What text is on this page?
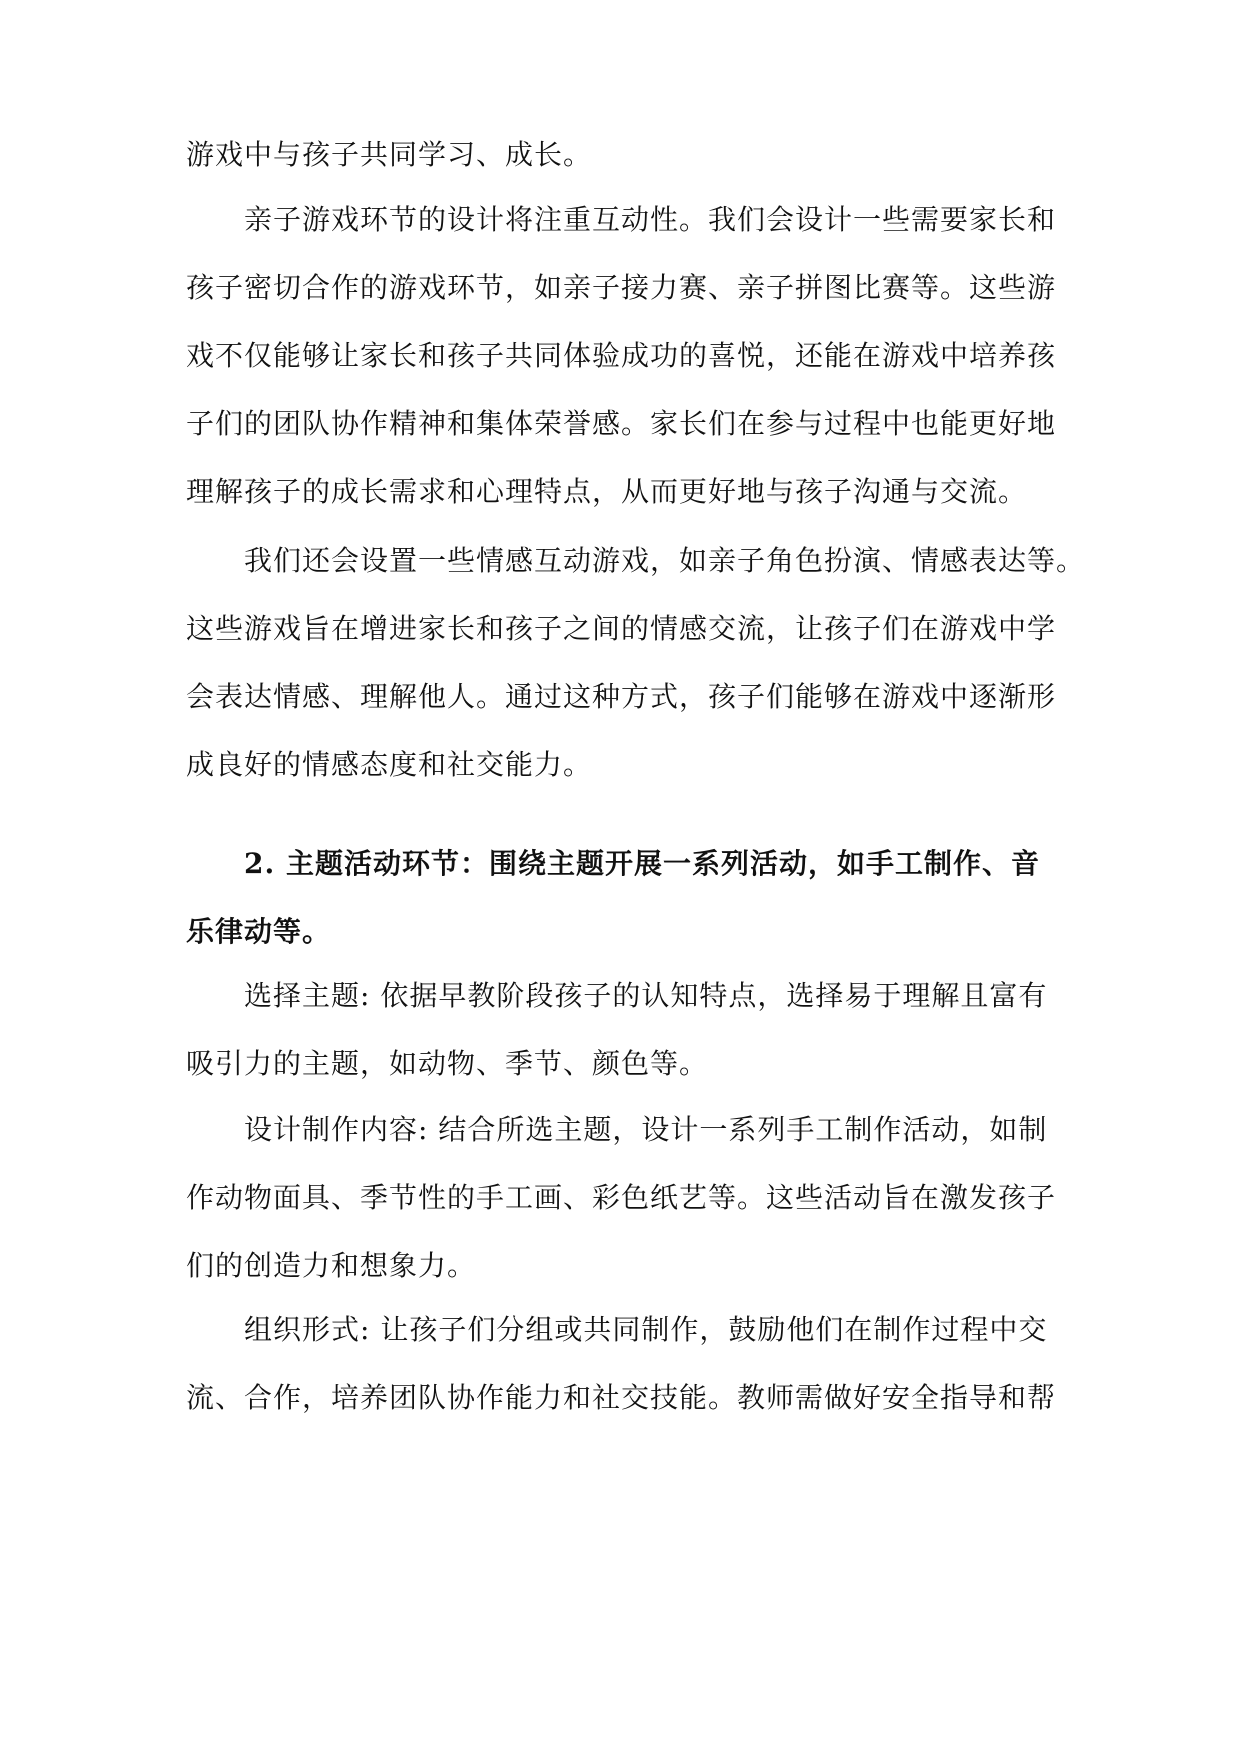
游戏中与孩子共同学习、成长。

亲子游戏环节的设计将注重互动性。我们会设计一些需要家长和
孩子密切合作的游戏环节，如亲子接力赛、亲子拼图比赛等。这些游
戏不仅能够让家长和孩子共同体验成功的喜悦，还能在游戏中培养孩
子们的团队协作精神和集体荣誉感。家长们在参与过程中也能更好地
理解孩子的成长需求和心理特点，从而更好地与孩子沟通与交流。

我们还会设置一些情感互动游戏，如亲子角色扮演、情感表达等。
这些游戏旨在增进家长和孩子之间的情感交流，让孩子们在游戏中学
会表达情感、理解他人。通过这种方式，孩子们能够在游戏中逐渐形
成良好的情感态度和社交能力。

2. 主题活动环节：围绕主题开展一系列活动，如手工制作、音
乐律动等。

选择主题: 依据早教阶段孩子的认知特点，选择易于理解且富有
吸引力的主题，如动物、季节、颜色等。

设计制作内容: 结合所选主题，设计一系列手工制作活动，如制
作动物面具、季节性的手工画、彩色纸艺等。这些活动旨在激发孩子
们的创造力和想象力。

组织形式: 让孩子们分组或共同制作，鼓励他们在制作过程中交
流、合作，培养团队协作能力和社交技能。教师需做好安全指导和帮
